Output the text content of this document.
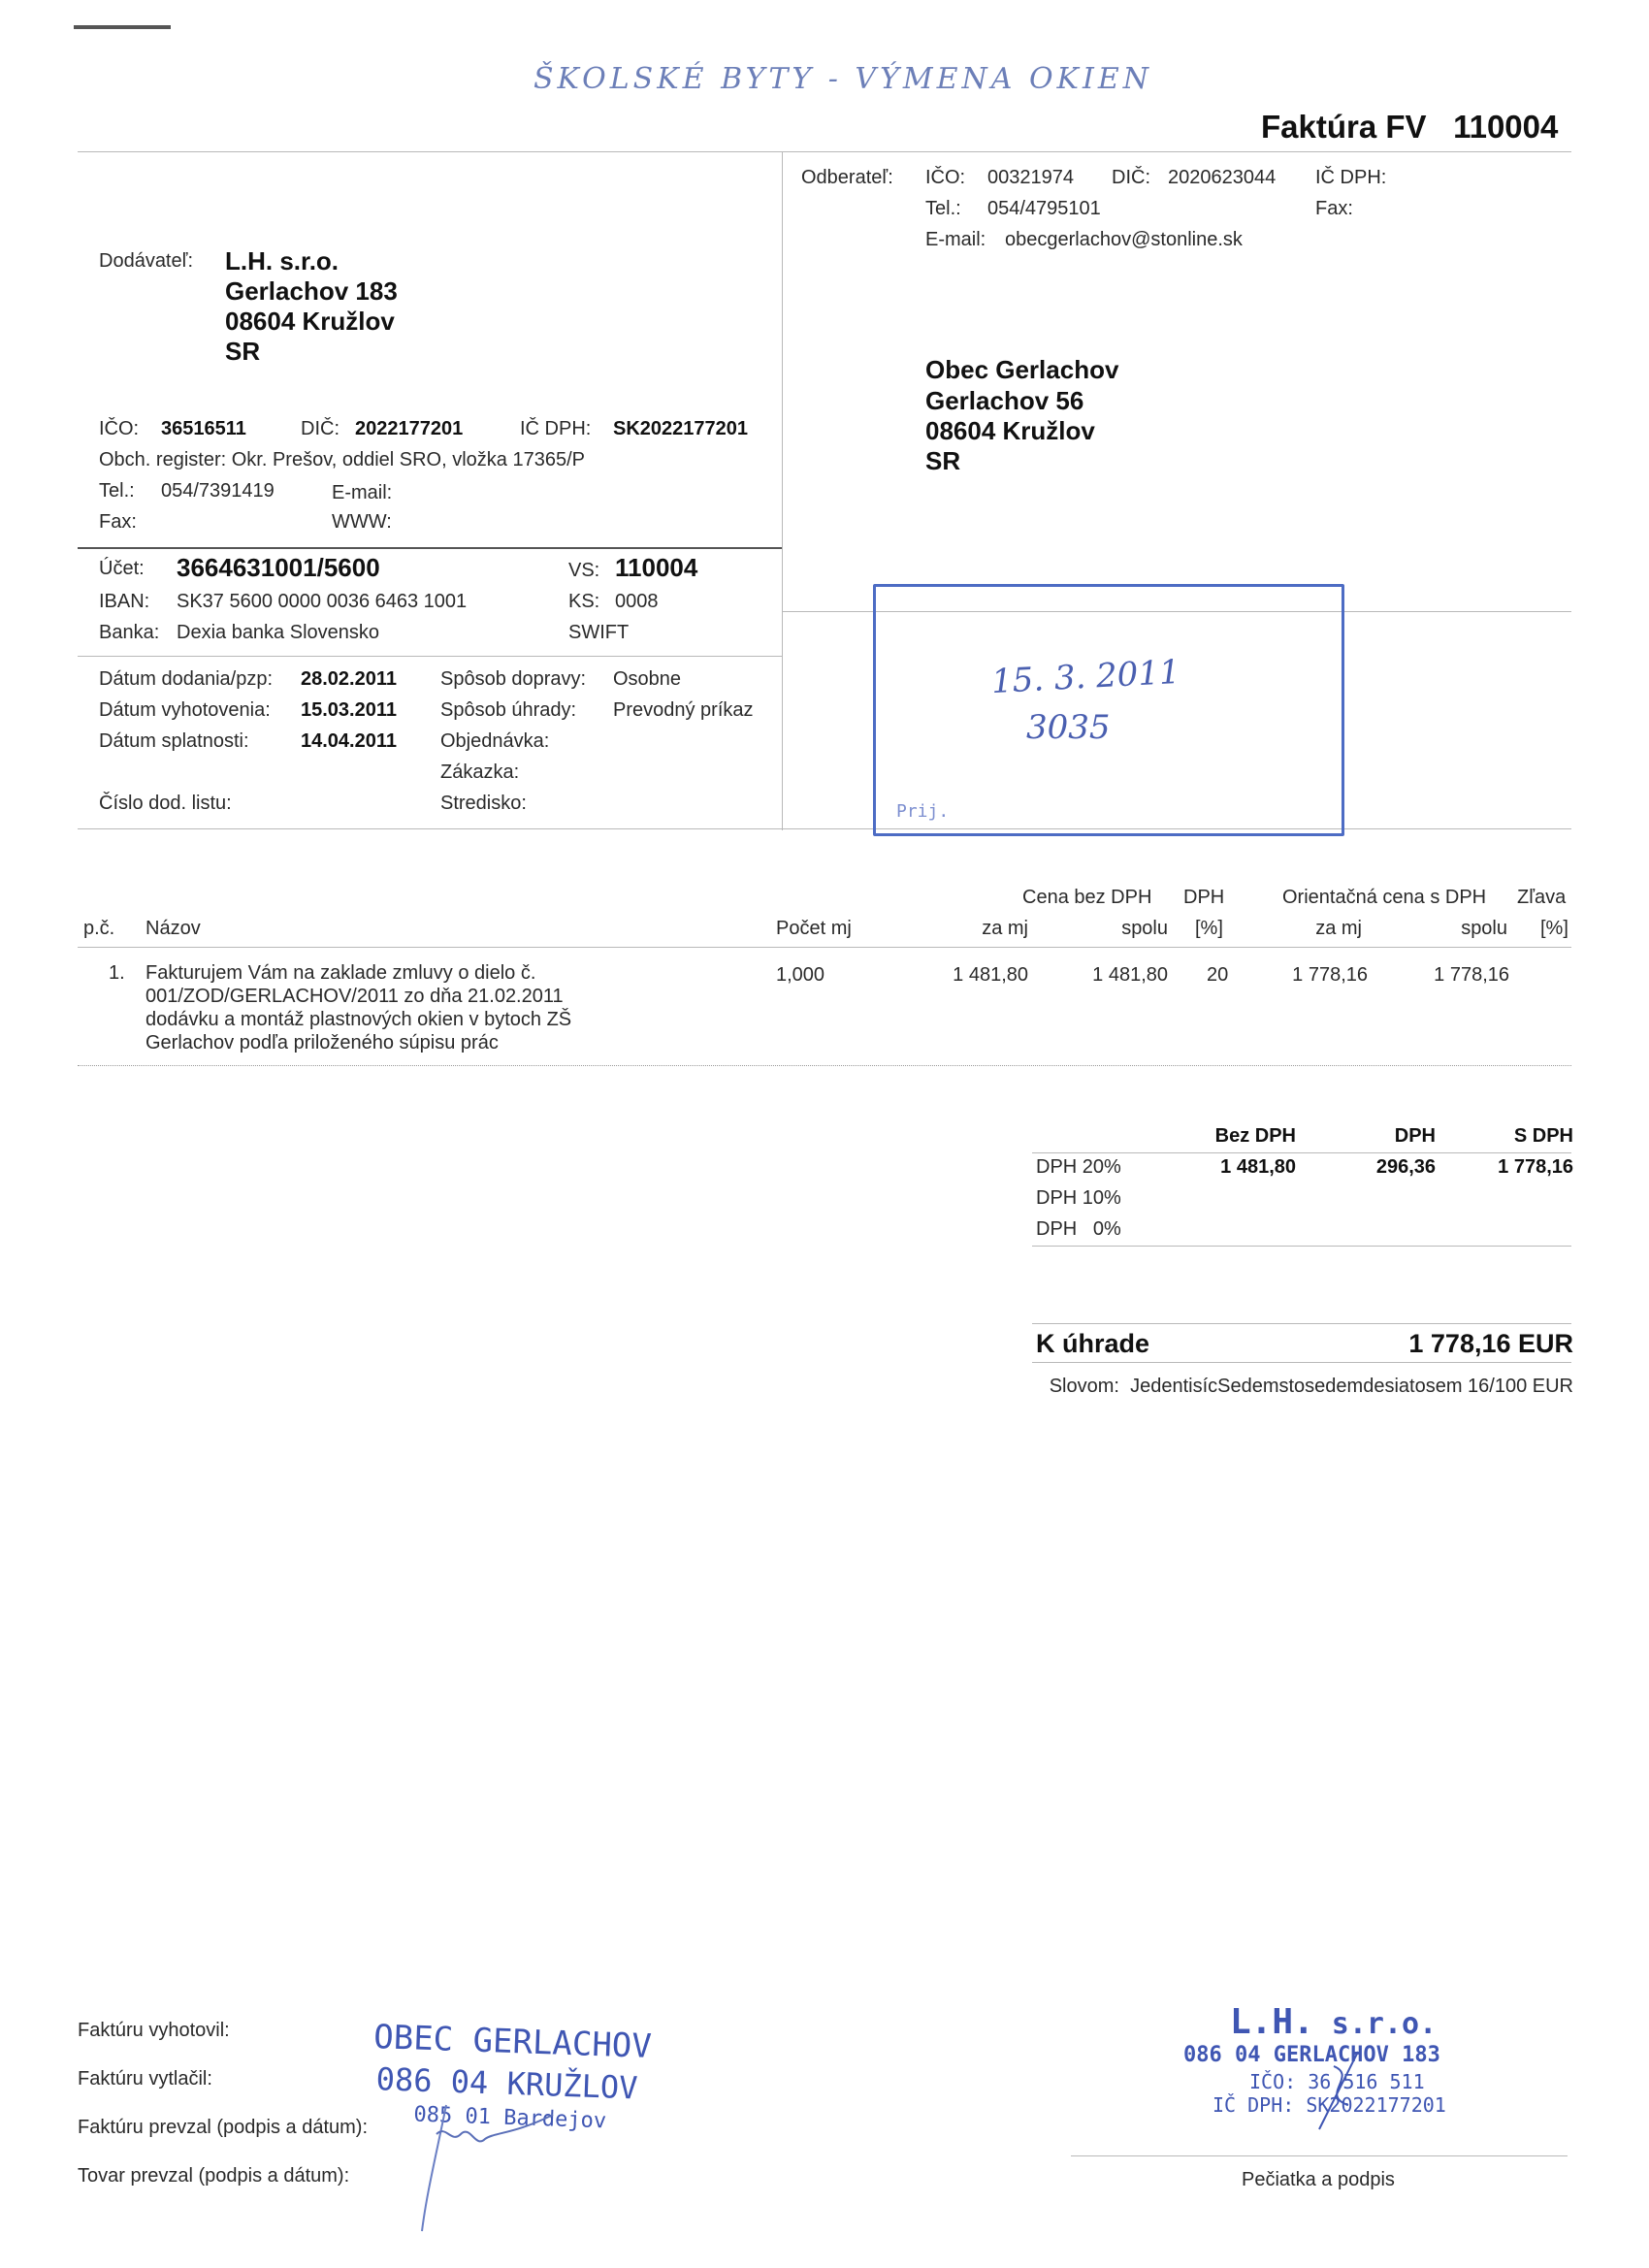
ŠKOLSKÉ BYTY - VÝMENA OKIEN
Faktúra FV 110004
Dodávateľ: L.H. s.r.o.
Gerlachov 183
08604 Kružlov
SR
IČO: 36516511	DIČ: 2022177201	IČ DPH: SK2022177201
Obch. register: Okr. Prešov, oddiel SRO, vložka 17365/P
Tel.: 054/7391419	E-mail:
Fax:	WWW:
Odberateľ: IČO: 00321974 DIČ: 2020623044 IČ DPH:
Tel.: 054/4795101	Fax:
E-mail: obecgerlachov@stonline.sk
Obec Gerlachov
Gerlachov 56
08604 Kružlov
SR
Účet: 3664631001/5600
IBAN: SK37 5600 0000 0036 6463 1001
Banka: Dexia banka Slovensko
VS: 110004
KS: 0008
SWIFT
Dátum dodania/pzp: 28.02.2011
Dátum vyhotovenia: 15.03.2011
Dátum splatnosti:	14.04.2011
Číslo dod. listu:
Spôsob dopravy: Osobne
Spôsob úhrady: Prevodný príkaz
Objednávka:
Zákazka:
Stredisko:
15. 3. 2011
3035
Prij.
Cena bez DPH DPH	Orientačná cena s DPH Zľava
p.č. Názov	Počet mj	za mj	spolu [%]	za mj	spolu [%]
1. Fakturujem Vám na zaklade zmluvy o dielo č.
001/ZOD/GERLACHOV/2011 zo dňa 21.02.2011
dodávku a montáž plastnových okien v bytoch ZŠ
Gerlachov podľa priloženého súpisu prác
1,000	1 481,80	1 481,80 20	1 778,16	1 778,16
Bez DPH	DPH	S DPH
DPH 20%	1 481,80	296,36	1 778,16
DPH 10%
DPH   0%
K úhrade	1 778,16 EUR
Slovom: JedentisícSedemstosedemdesiatosem 16/100 EUR
Faktúru vyhotovil:
Faktúru vytlačil:
Faktúru prevzal (podpis a dátum):
Tovar prevzal (podpis a dátum):	Pečiatka a podpis
OBEC GERLACHOV
086 04 KRUŽLOV
085 01 Bardejov
L.H. s.r.o.
086 04 GERLACHOV 183
IČO: 36 516 511
IČ DPH: SK2022177201
